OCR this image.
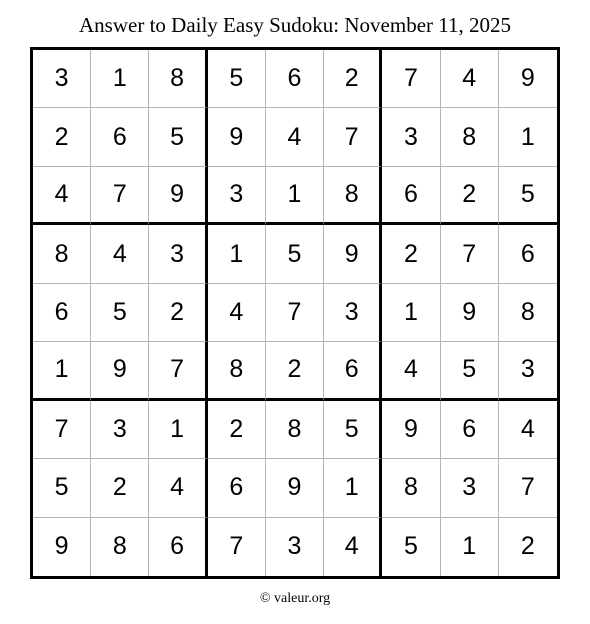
Answer to Daily Easy Sudoku: November 11, 2025
3	1	8	5	6	2	7	4	9
2	6	5	9	4	7	3	8	1
4	7	9	3	1	8	6	2	5
8	4	3	1	5	9	2	7	6
6	5	2	4	7	3	1	9	8
1	9	7	8	2	6	4	5	3
7	3	1	2	8	5	9	6	4
5	2	4	6	9	1	8	3	7
9	8	6	7	3	4	5	1	2
© valeur.org
